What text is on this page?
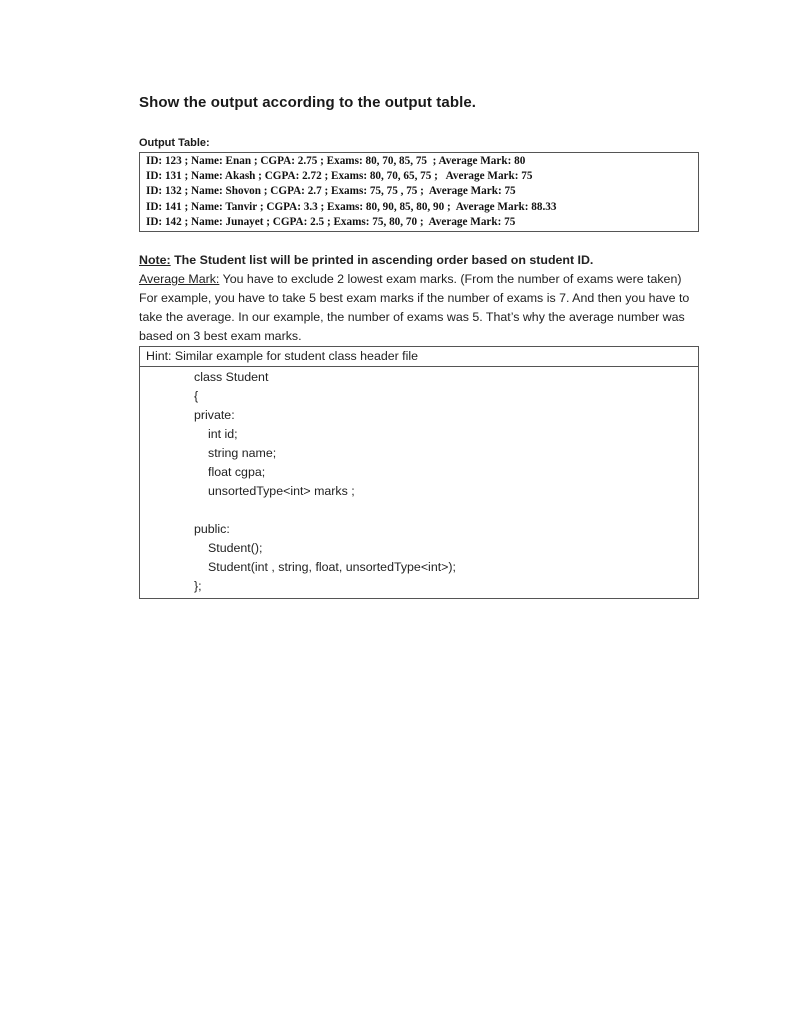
Show the output according to the output table.
Output Table:
ID: 123 ; Name: Enan ; CGPA: 2.75 ; Exams: 80, 70, 85, 75  ; Average Mark: 80
ID: 131 ; Name: Akash ; CGPA: 2.72 ; Exams: 80, 70, 65, 75 ;   Average Mark: 75
ID: 132 ; Name: Shovon ; CGPA: 2.7 ; Exams: 75, 75 , 75 ;  Average Mark: 75
ID: 141 ; Name: Tanvir ; CGPA: 3.3 ; Exams: 80, 90, 85, 80, 90 ;  Average Mark: 88.33
ID: 142 ; Name: Junayet ; CGPA: 2.5 ; Exams: 75, 80, 70 ;  Average Mark: 75
Note: The Student list will be printed in ascending order based on student ID.
Average Mark: You have to exclude 2 lowest exam marks. (From the number of exams were taken)
For example, you have to take 5 best exam marks if the number of exams is 7. And then you have to take the average. In our example, the number of exams was 5. That’s why the average number was based on 3 best exam marks.
Hint: Similar example for student class header file
class Student
{
private:
int id;
string name;
float cgpa;
unsortedType<int> marks ;

public:
Student();
Student(int , string, float, unsortedType<int>);
};
